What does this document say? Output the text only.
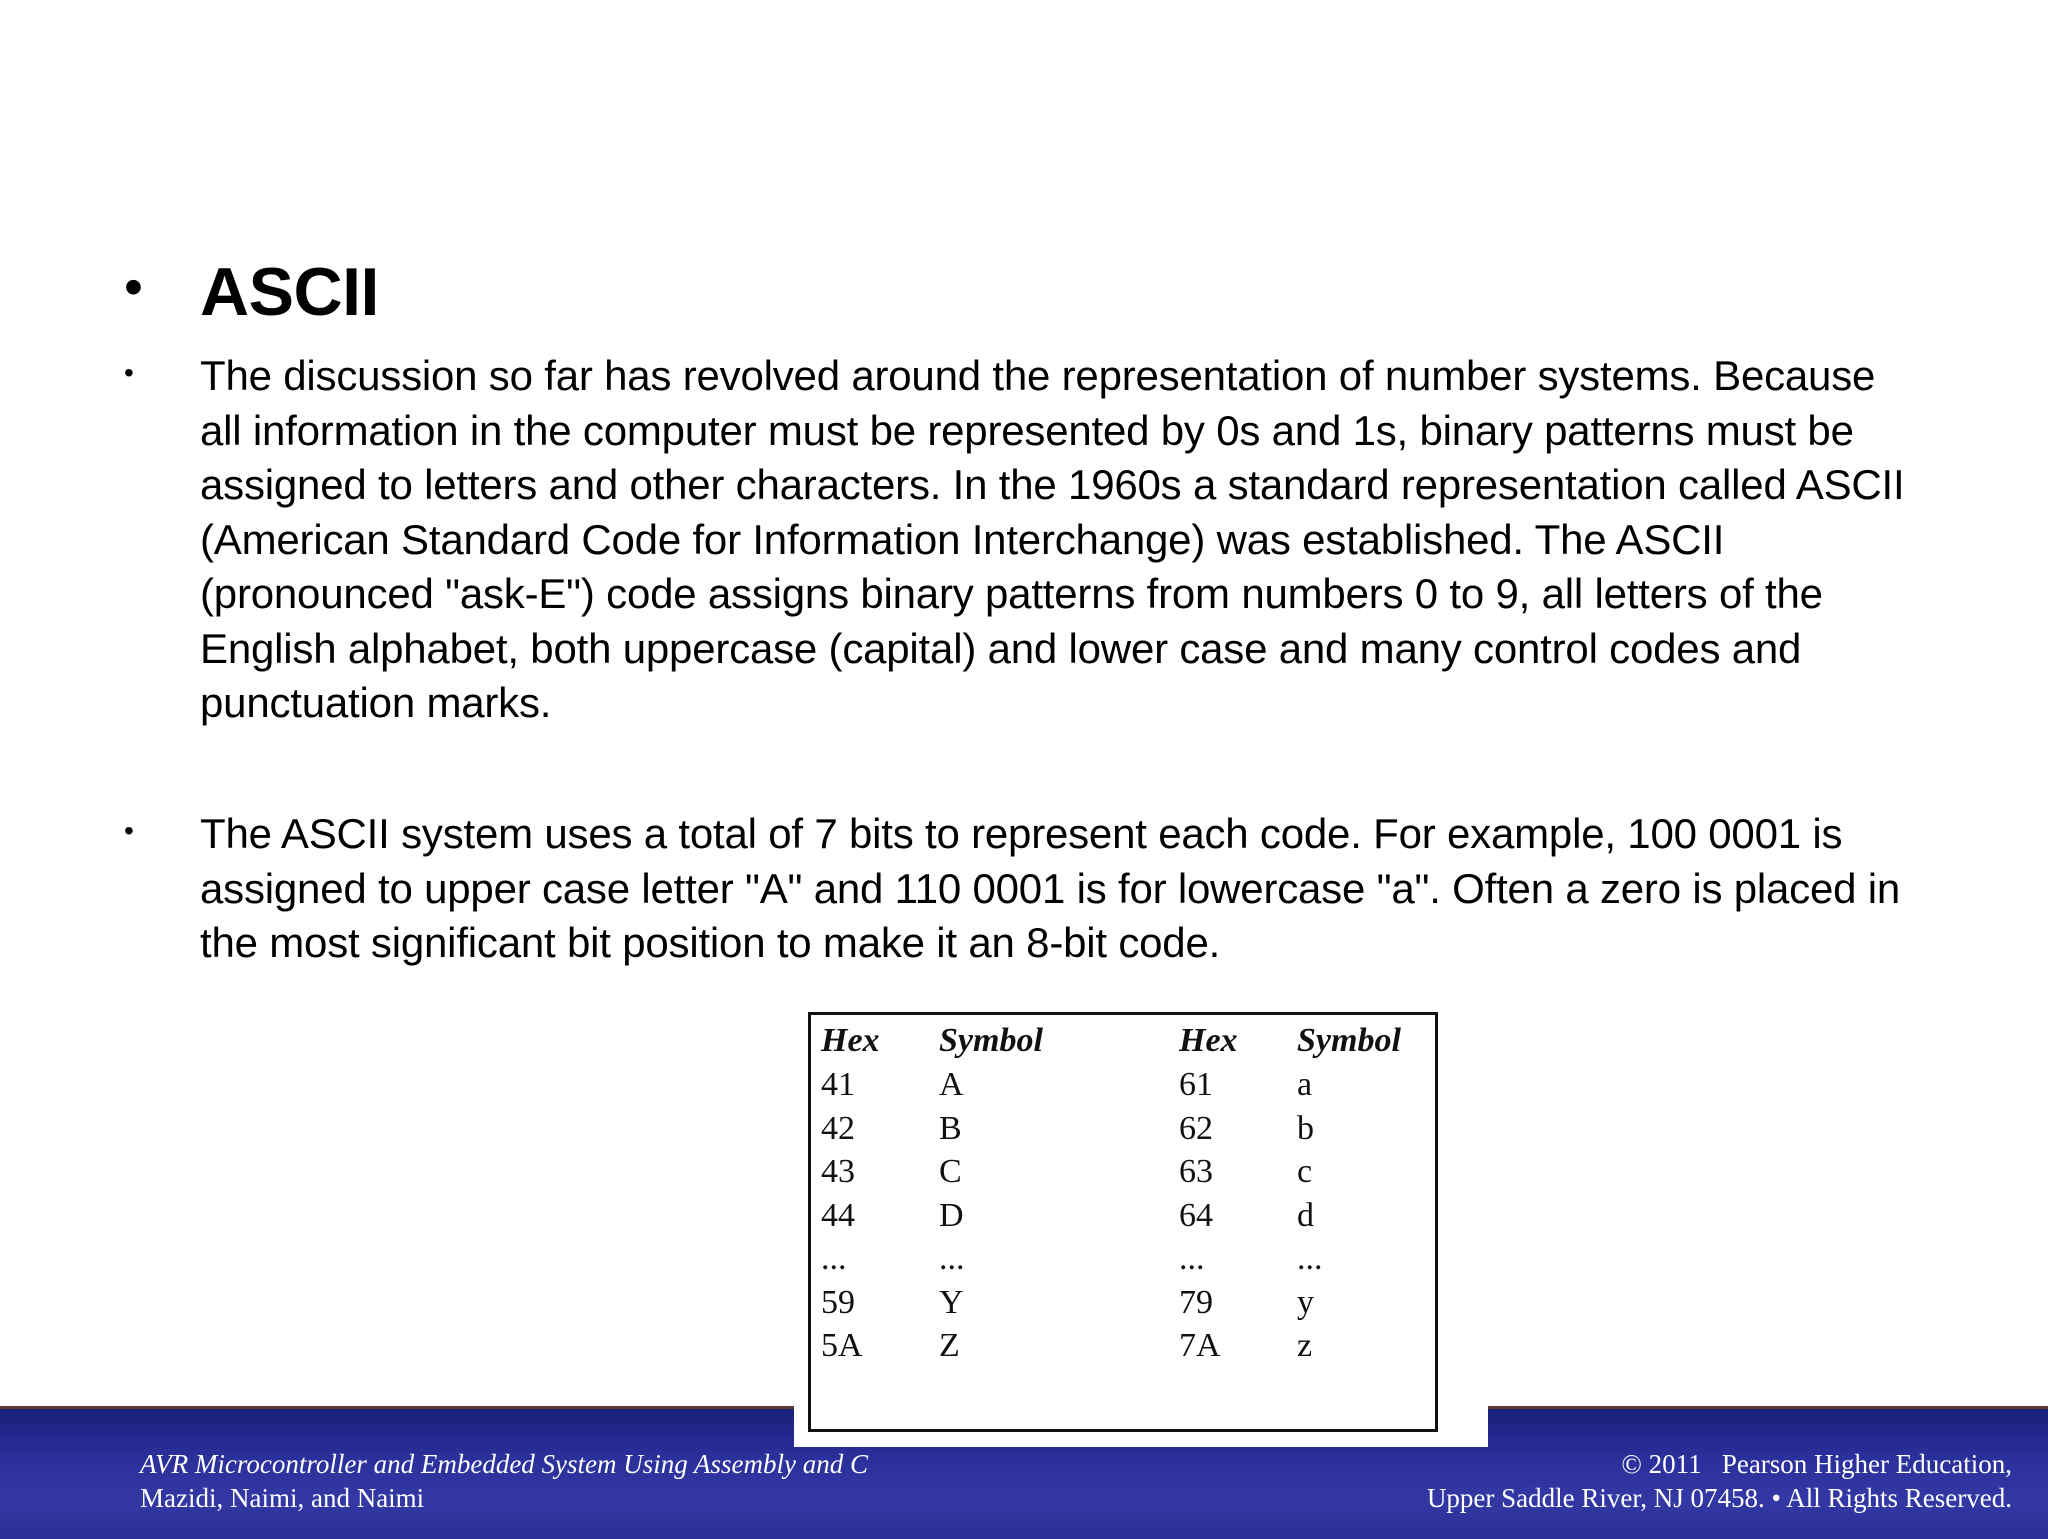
• ASCII
• The discussion so far has revolved around the representation of number systems. Because all information in the computer must be represented by 0s and 1s, binary patterns must be assigned to letters and other characters. In the 1960s a standard representation called ASCII (American Standard Code for Information Interchange) was established. The ASCII (pronounced "ask-E") code assigns binary patterns from numbers 0 to 9, all letters of the English alphabet, both uppercase (capital) and lower case and many control codes and punctuation marks.
• The ASCII system uses a total of 7 bits to represent each code. For example, 100 0001 is assigned to upper case letter "A" and 110 0001 is for lowercase "a". Often a zero is placed in the most significant bit position to make it an 8-bit code.
Hex Symbol	Hex Symbol
41 A	61 a
42 B	62 b
43 C	63 c
44 D	64 d
...	...	...	...
59 Y	79 y
5A Z	7A z
AVR Microcontroller and Embedded System Using Assembly and C
Mazidi, Naimi, and Naimi
© 2011   Pearson Higher Education,
Upper Saddle River, NJ 07458. • All Rights Reserved.
